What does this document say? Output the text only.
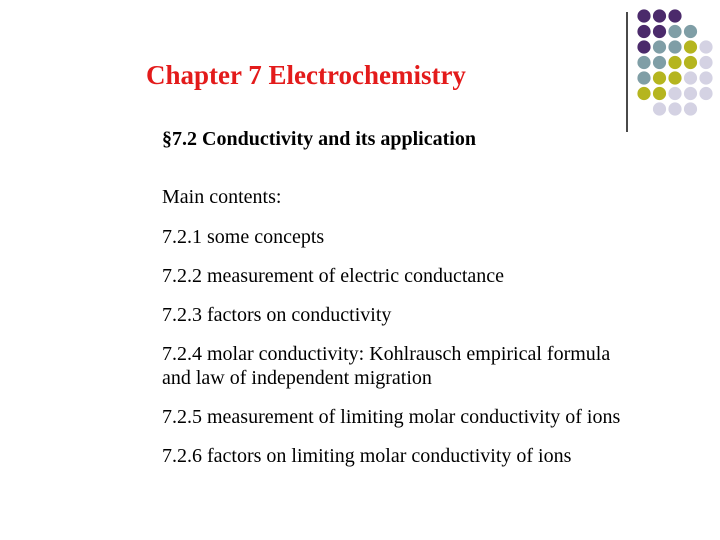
Chapter 7 Electrochemistry
§7.2 Conductivity and its application
Main contents:
7.2.1 some concepts
7.2.2 measurement of electric conductance
7.2.3 factors on conductivity
7.2.4 molar conductivity: Kohlrausch empirical formula and law of independent migration
7.2.5 measurement of limiting molar conductivity of ions
7.2.6 factors on limiting molar conductivity of ions
